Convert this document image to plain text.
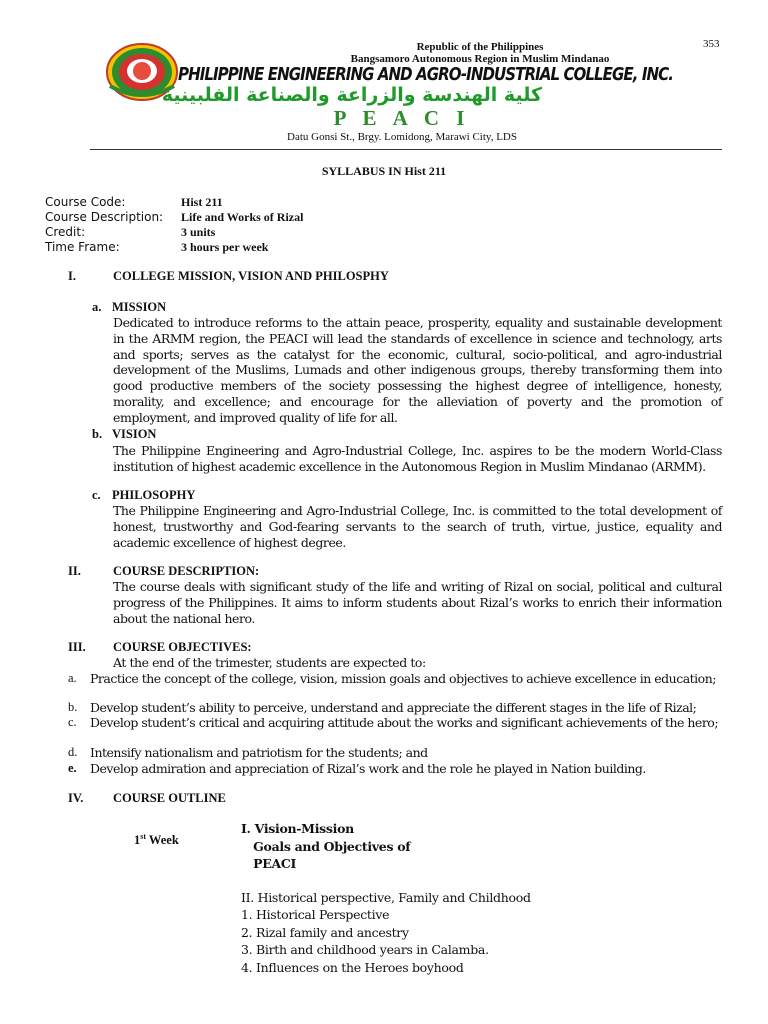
353
Republic of the Philippines
Bangsamoro Autonomous Region in Muslim Mindanao
PHILIPPINE ENGINEERING AND AGRO-INDUSTRIAL COLLEGE, INC.
كلية الهندسة والزراعة والصناعة الفلبينية
P E A C I
Datu Gonsi St., Brgy. Lomidong, Marawi City, LDS
SYLLABUS IN Hist 211
Course Code:	Hist 211
Course Description: Life and Works of Rizal
Credit:	3 units
Time Frame:	3 hours per week
I.	COLLEGE MISSION, VISION AND PHILOSPHY
a. MISSION
Dedicated to introduce reforms to the attain peace, prosperity, equality and sustainable development in the ARMM region, the PEACI will lead the standards of excellence in science and technology, arts and sports; serves as the catalyst for the economic, cultural, socio-political, and agro-industrial development of the Muslims, Lumads and other indigenous groups, thereby transforming them into good productive members of the society possessing the highest degree of intelligence, honesty, morality, and excellence; and encourage for the alleviation of poverty and the promotion of employment, and improved quality of life for all.
b. VISION
The Philippine Engineering and Agro-Industrial College, Inc. aspires to be the modern World-Class institution of highest academic excellence in the Autonomous Region in Muslim Mindanao (ARMM).
c. PHILOSOPHY
The Philippine Engineering and Agro-Industrial College, Inc. is committed to the total development of honest, trustworthy and God-fearing servants to the search of truth, virtue, justice, equality and academic excellence of highest degree.
II.	COURSE DESCRIPTION:
The course deals with significant study of the life and writing of Rizal on social, political and cultural progress of the Philippines. It aims to inform students about Rizal’s works to enrich their information about the national hero.
III. COURSE OBJECTIVES:
At the end of the trimester, students are expected to:
a. Practice the concept of the college, vision, mission goals and objectives to achieve excellence in education;
b. Develop student’s ability to perceive, understand and appreciate the different stages in the life of Rizal;
c. Develop student’s critical and acquiring attitude about the works and significant achievements of the hero;
d. Intensify nationalism and patriotism for the students; and
e. Develop admiration and appreciation of Rizal’s work and the role he played in Nation building.
IV. COURSE OUTLINE
1st Week
I. Vision-Mission
Goals and Objectives of
PEACI
II. Historical perspective, Family and Childhood
1. Historical Perspective
2. Rizal family and ancestry
3. Birth and childhood years in Calamba.
4. Influences on the Heroes boyhood
